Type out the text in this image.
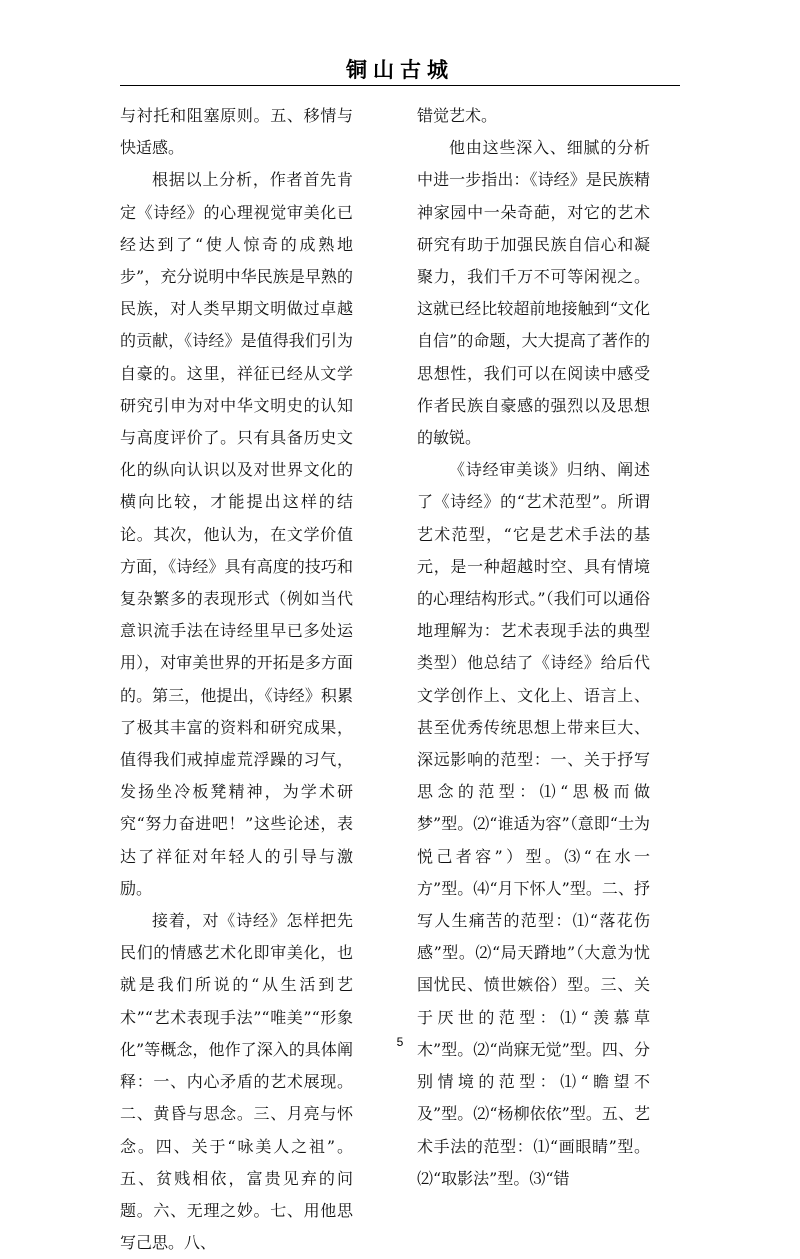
铜山古城

与衬托和阻塞原则。五、移情与快适感。

根据以上分析，作者首先肯定《诗经》的心理视觉审美化已经达到了“使人惊奇的成熟地步”，充分说明中华民族是早熟的民族，对人类早期文明做过卓越的贡献，《诗经》是值得我们引为自豪的。这里，祥征已经从文学研究引申为对中华文明史的认知与高度评价了。只有具备历史文化的纵向认识以及对世界文化的横向比较，才能提出这样的结论。其次，他认为，在文学价值方面，《诗经》具有高度的技巧和复杂繁多的表现形式（例如当代意识流手法在诗经里早已多处运用），对审美世界的开拓是多方面的。第三，他提出，《诗经》积累了极其丰富的资料和研究成果，值得我们戒掉虚荒浮躁的习气，发扬坐冷板凳精神，为学术研究“努力奋进吧！”这些论述，表达了祥征对年轻人的引导与激励。

接着，对《诗经》怎样把先民们的情感艺术化即审美化，也就是我们所说的“从生活到艺术”“艺术表现手法”“唯美”“形象化”等概念，他作了深入的具体阐释：一、内心矛盾的艺术展现。二、黄昏与思念。三、月亮与怀念。四、关于“咏美人之祖”。五、贫贱相依，富贵见弃的问题。六、无理之妙。七、用他思写己思。八、

错觉艺术。

他由这些深入、细腻的分析中进一步指出：《诗经》是民族精神家园中一朵奇葩，对它的艺术研究有助于加强民族自信心和凝聚力，我们千万不可等闲视之。这就已经比较超前地接触到“文化自信”的命题，大大提高了著作的思想性，我们可以在阅读中感受作者民族自豪感的强烈以及思想的敏锐。

《诗经审美谈》归纳、阐述了《诗经》的“艺术范型”。所谓艺术范型，“它是艺术手法的基元，是一种超越时空、具有情境的心理结构形式。”（我们可以通俗地理解为：艺术表现手法的典型类型）他总结了《诗经》给后代文学创作上、文化上、语言上、甚至优秀传统思想上带来巨大、深远影响的范型：一、关于抒写思念的范型：⑴“思极而做梦”型。⑵“谁适为容”（意即“士为悦己者容”）型。⑶“在水一方”型。⑷“月下怀人”型。二、抒写人生痛苦的范型：⑴“落花伤感”型。⑵“局天蹐地”（大意为忧国忧民、愤世嫉俗）型。三、关于厌世的范型：⑴“羡慕草木”型。⑵“尚寐无觉”型。四、分别情境的范型：⑴“瞻望不及”型。⑵“杨柳依依”型。五、艺术手法的范型：⑴“画眼睛”型。⑵“取影法”型。⑶“错

5
